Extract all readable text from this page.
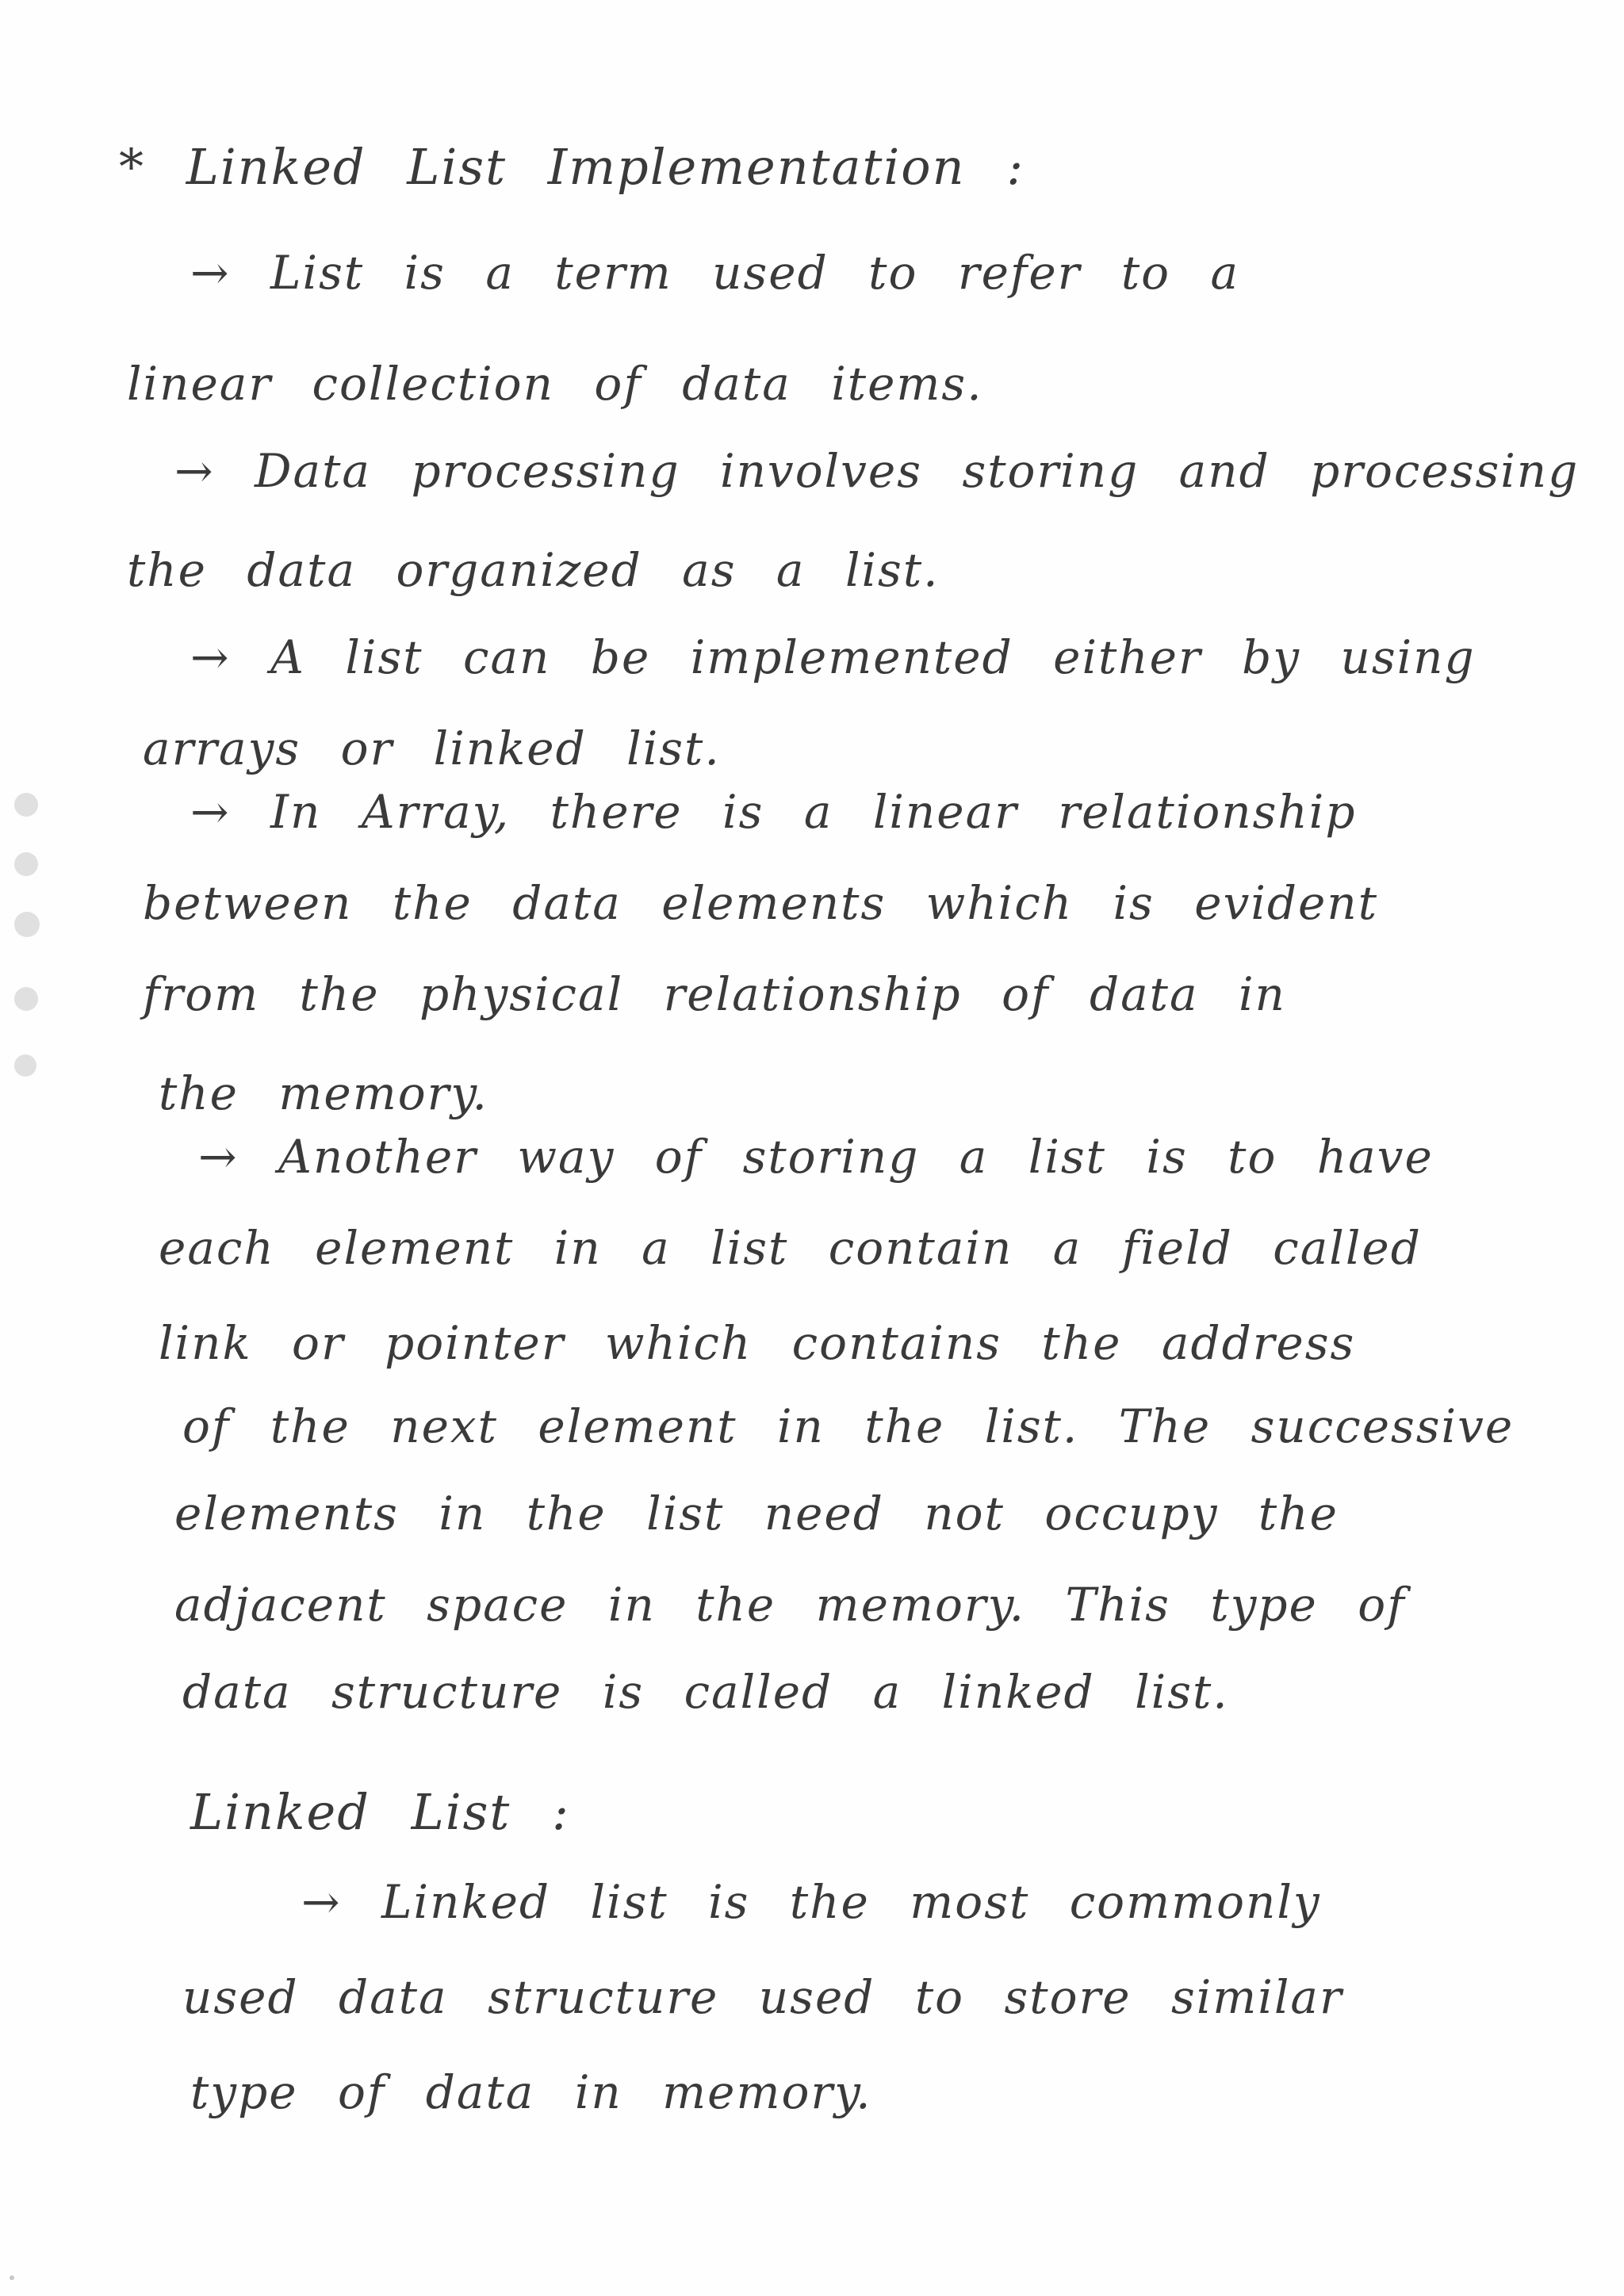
* Linked List Implementation :
→ List is a term used to refer to a
linear collection of data items.
→ Data processing involves storing and processing
the data organized as a list.
→ A list can be implemented either by using
arrays or linked list.
→ In Array, there is a linear relationship
between the data elements which is evident
from the physical relationship of data in
the memory.
→ Another way of storing a list is to have
each element in a list contain a field called
link or pointer which contains the address
of the next element in the list. The successive
elements in the list need not occupy the
adjacent space in the memory. This type of
data structure is called a linked list.
Linked List :
→ Linked list is the most commonly
used data structure used to store similar
type of data in memory.
